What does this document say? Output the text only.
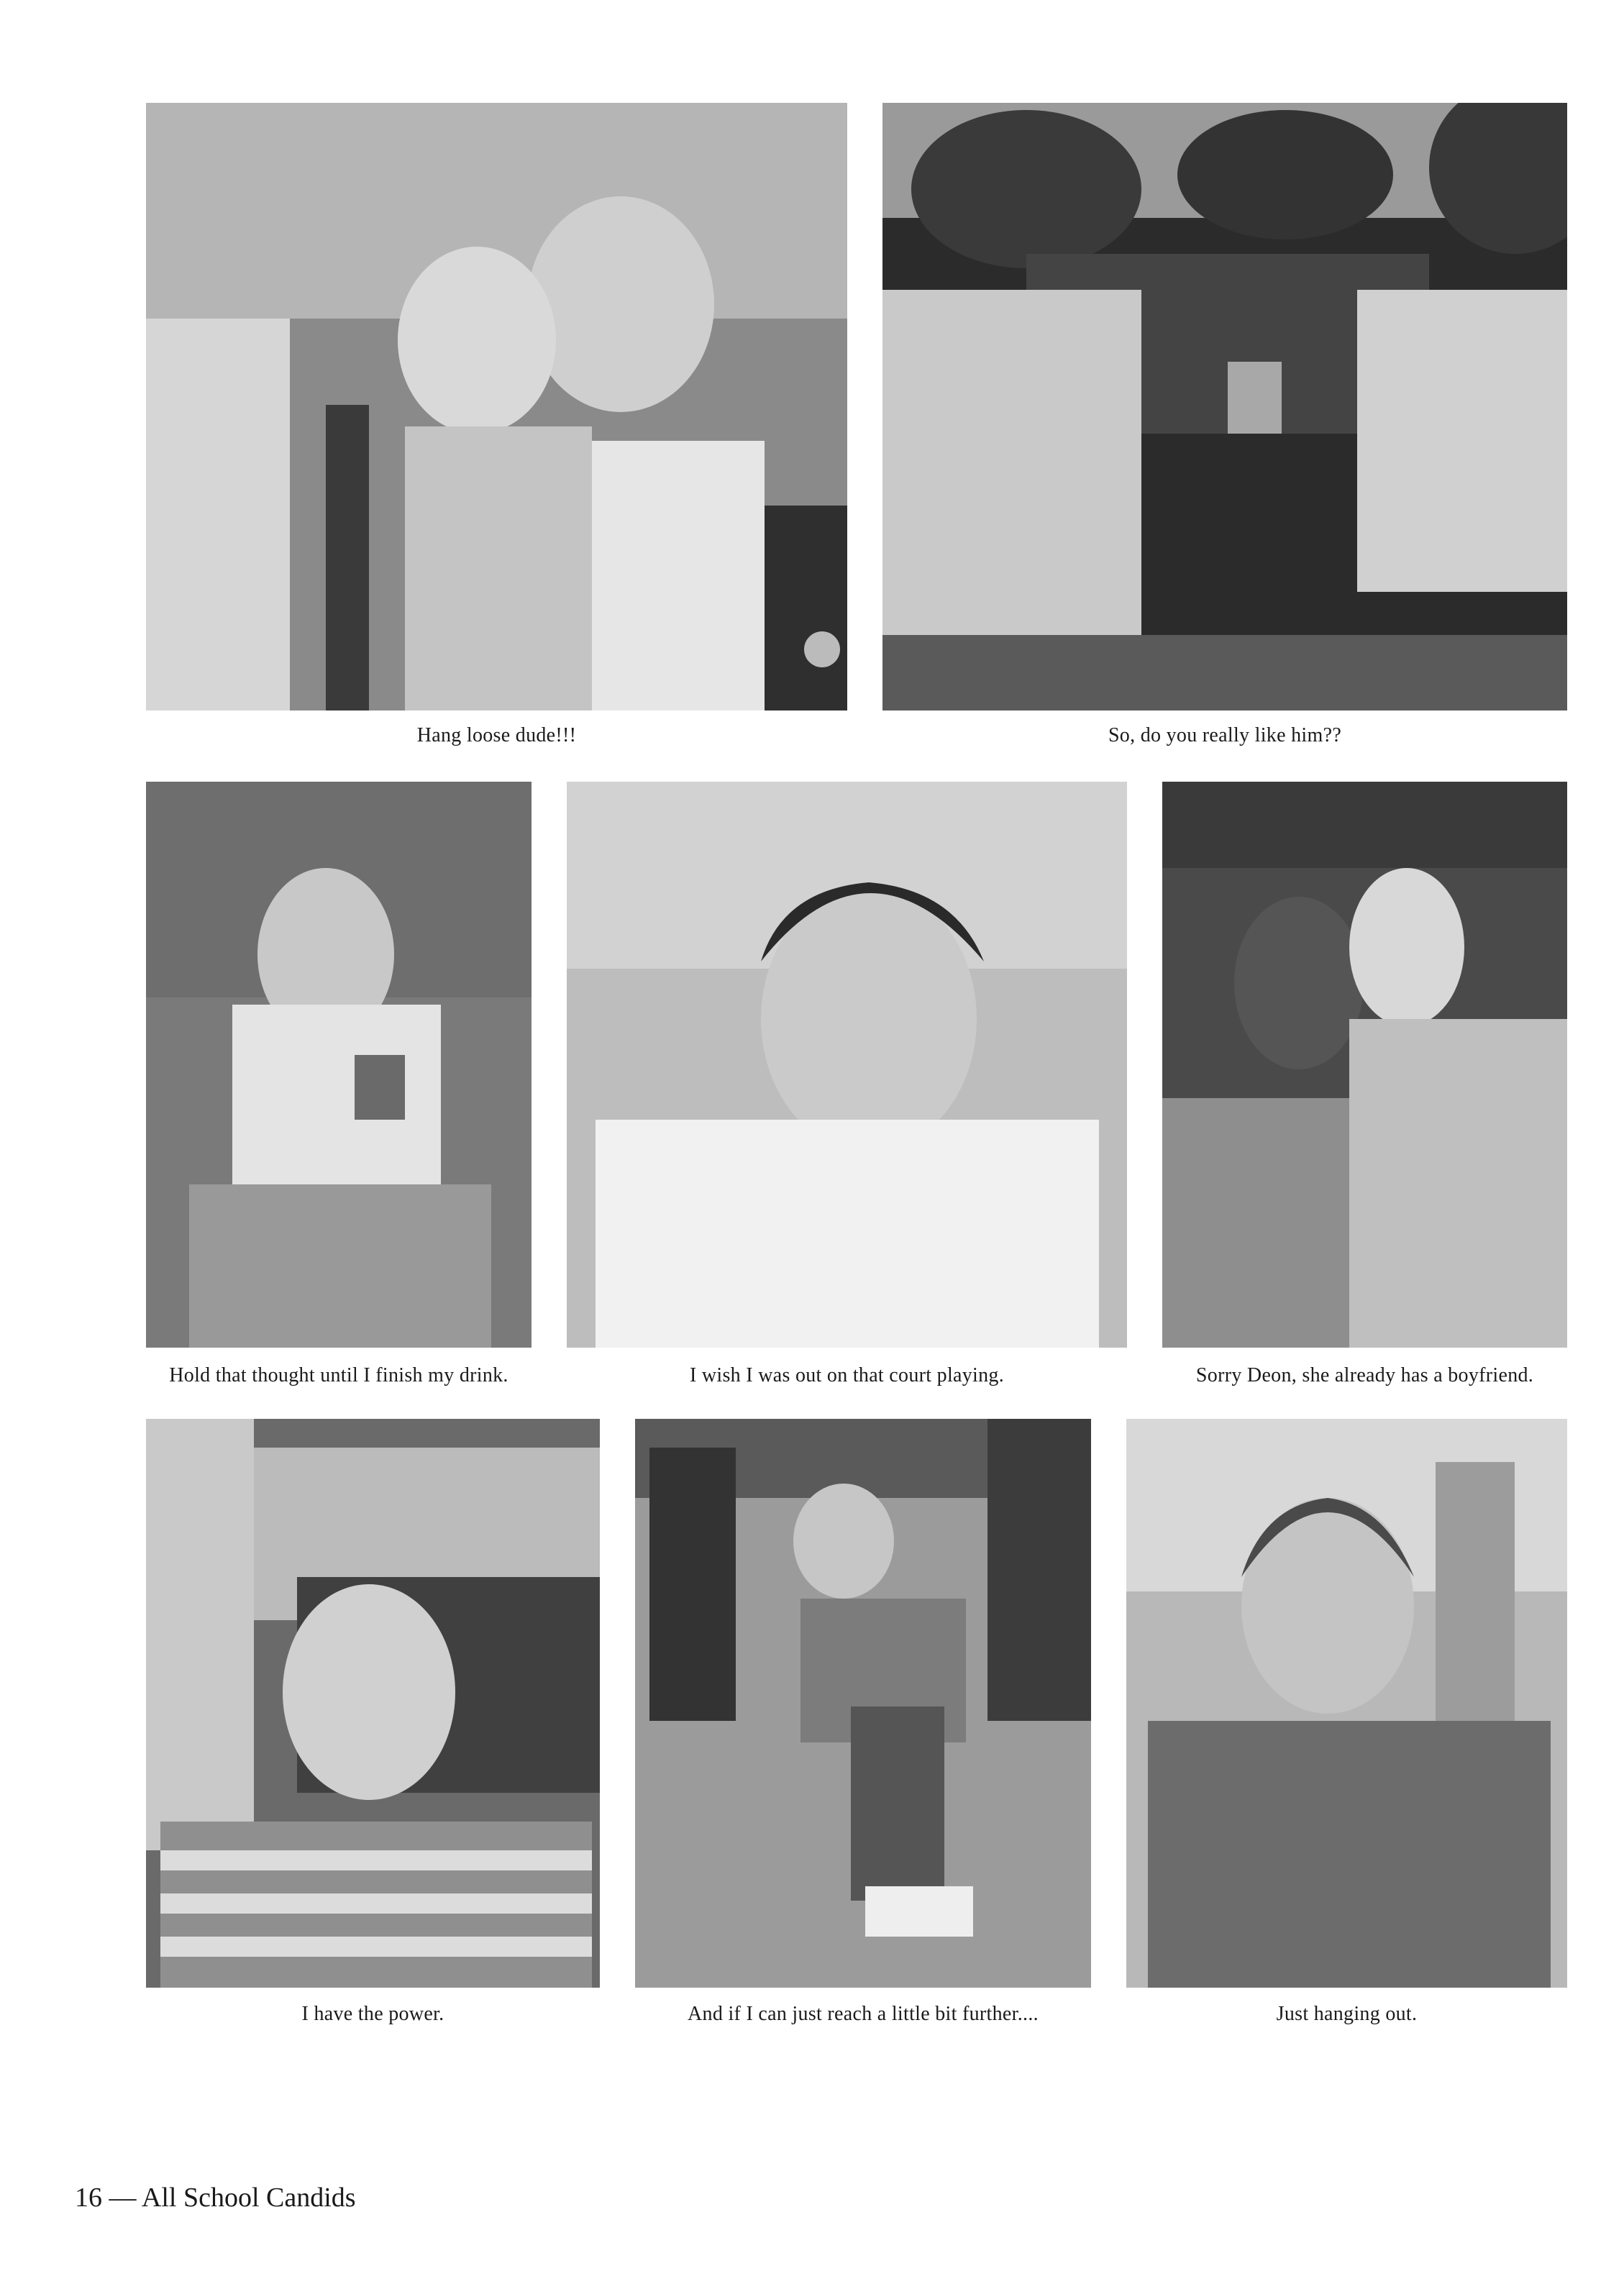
Hang loose dude!!!	So, do you really like him??
Hold that thought until I finish my drink.	I wish I was out on that court playing.	Sorry Deon, she already has a boyfriend.
I have the power.	And if I can just reach a little bit further....	Just hanging out.
16 — All School Candids
